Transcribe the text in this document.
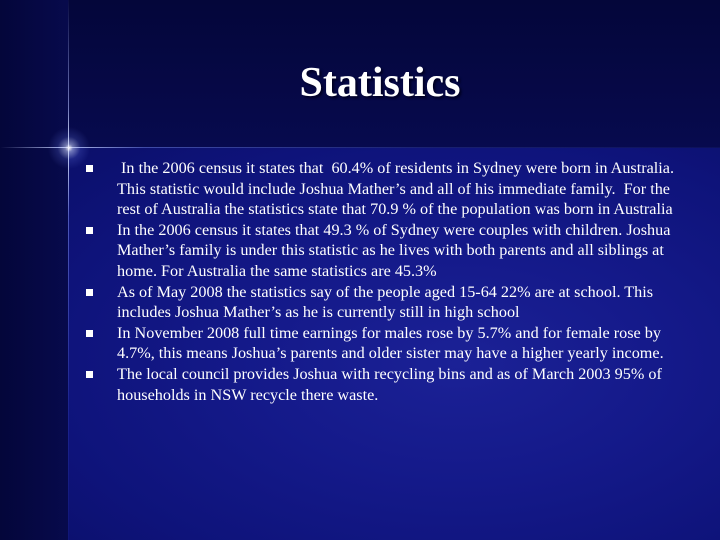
Statistics
In the 2006 census it states that  60.4% of residents in Sydney were born in Australia. This statistic would include Joshua Mather’s and all of his immediate family.  For the rest of Australia the statistics state that 70.9 % of the population was born in Australia
In the 2006 census it states that 49.3 % of Sydney were couples with children. Joshua Mather’s family is under this statistic as he lives with both parents and all siblings at home. For Australia the same statistics are 45.3%
As of May 2008 the statistics say of the people aged 15-64 22% are at school. This includes Joshua Mather’s as he is currently still in high school
In November 2008 full time earnings for males rose by 5.7% and for female rose by 4.7%, this means Joshua’s parents and older sister may have a higher yearly income.
The local council provides Joshua with recycling bins and as of March 2003 95% of households in NSW recycle there waste.
